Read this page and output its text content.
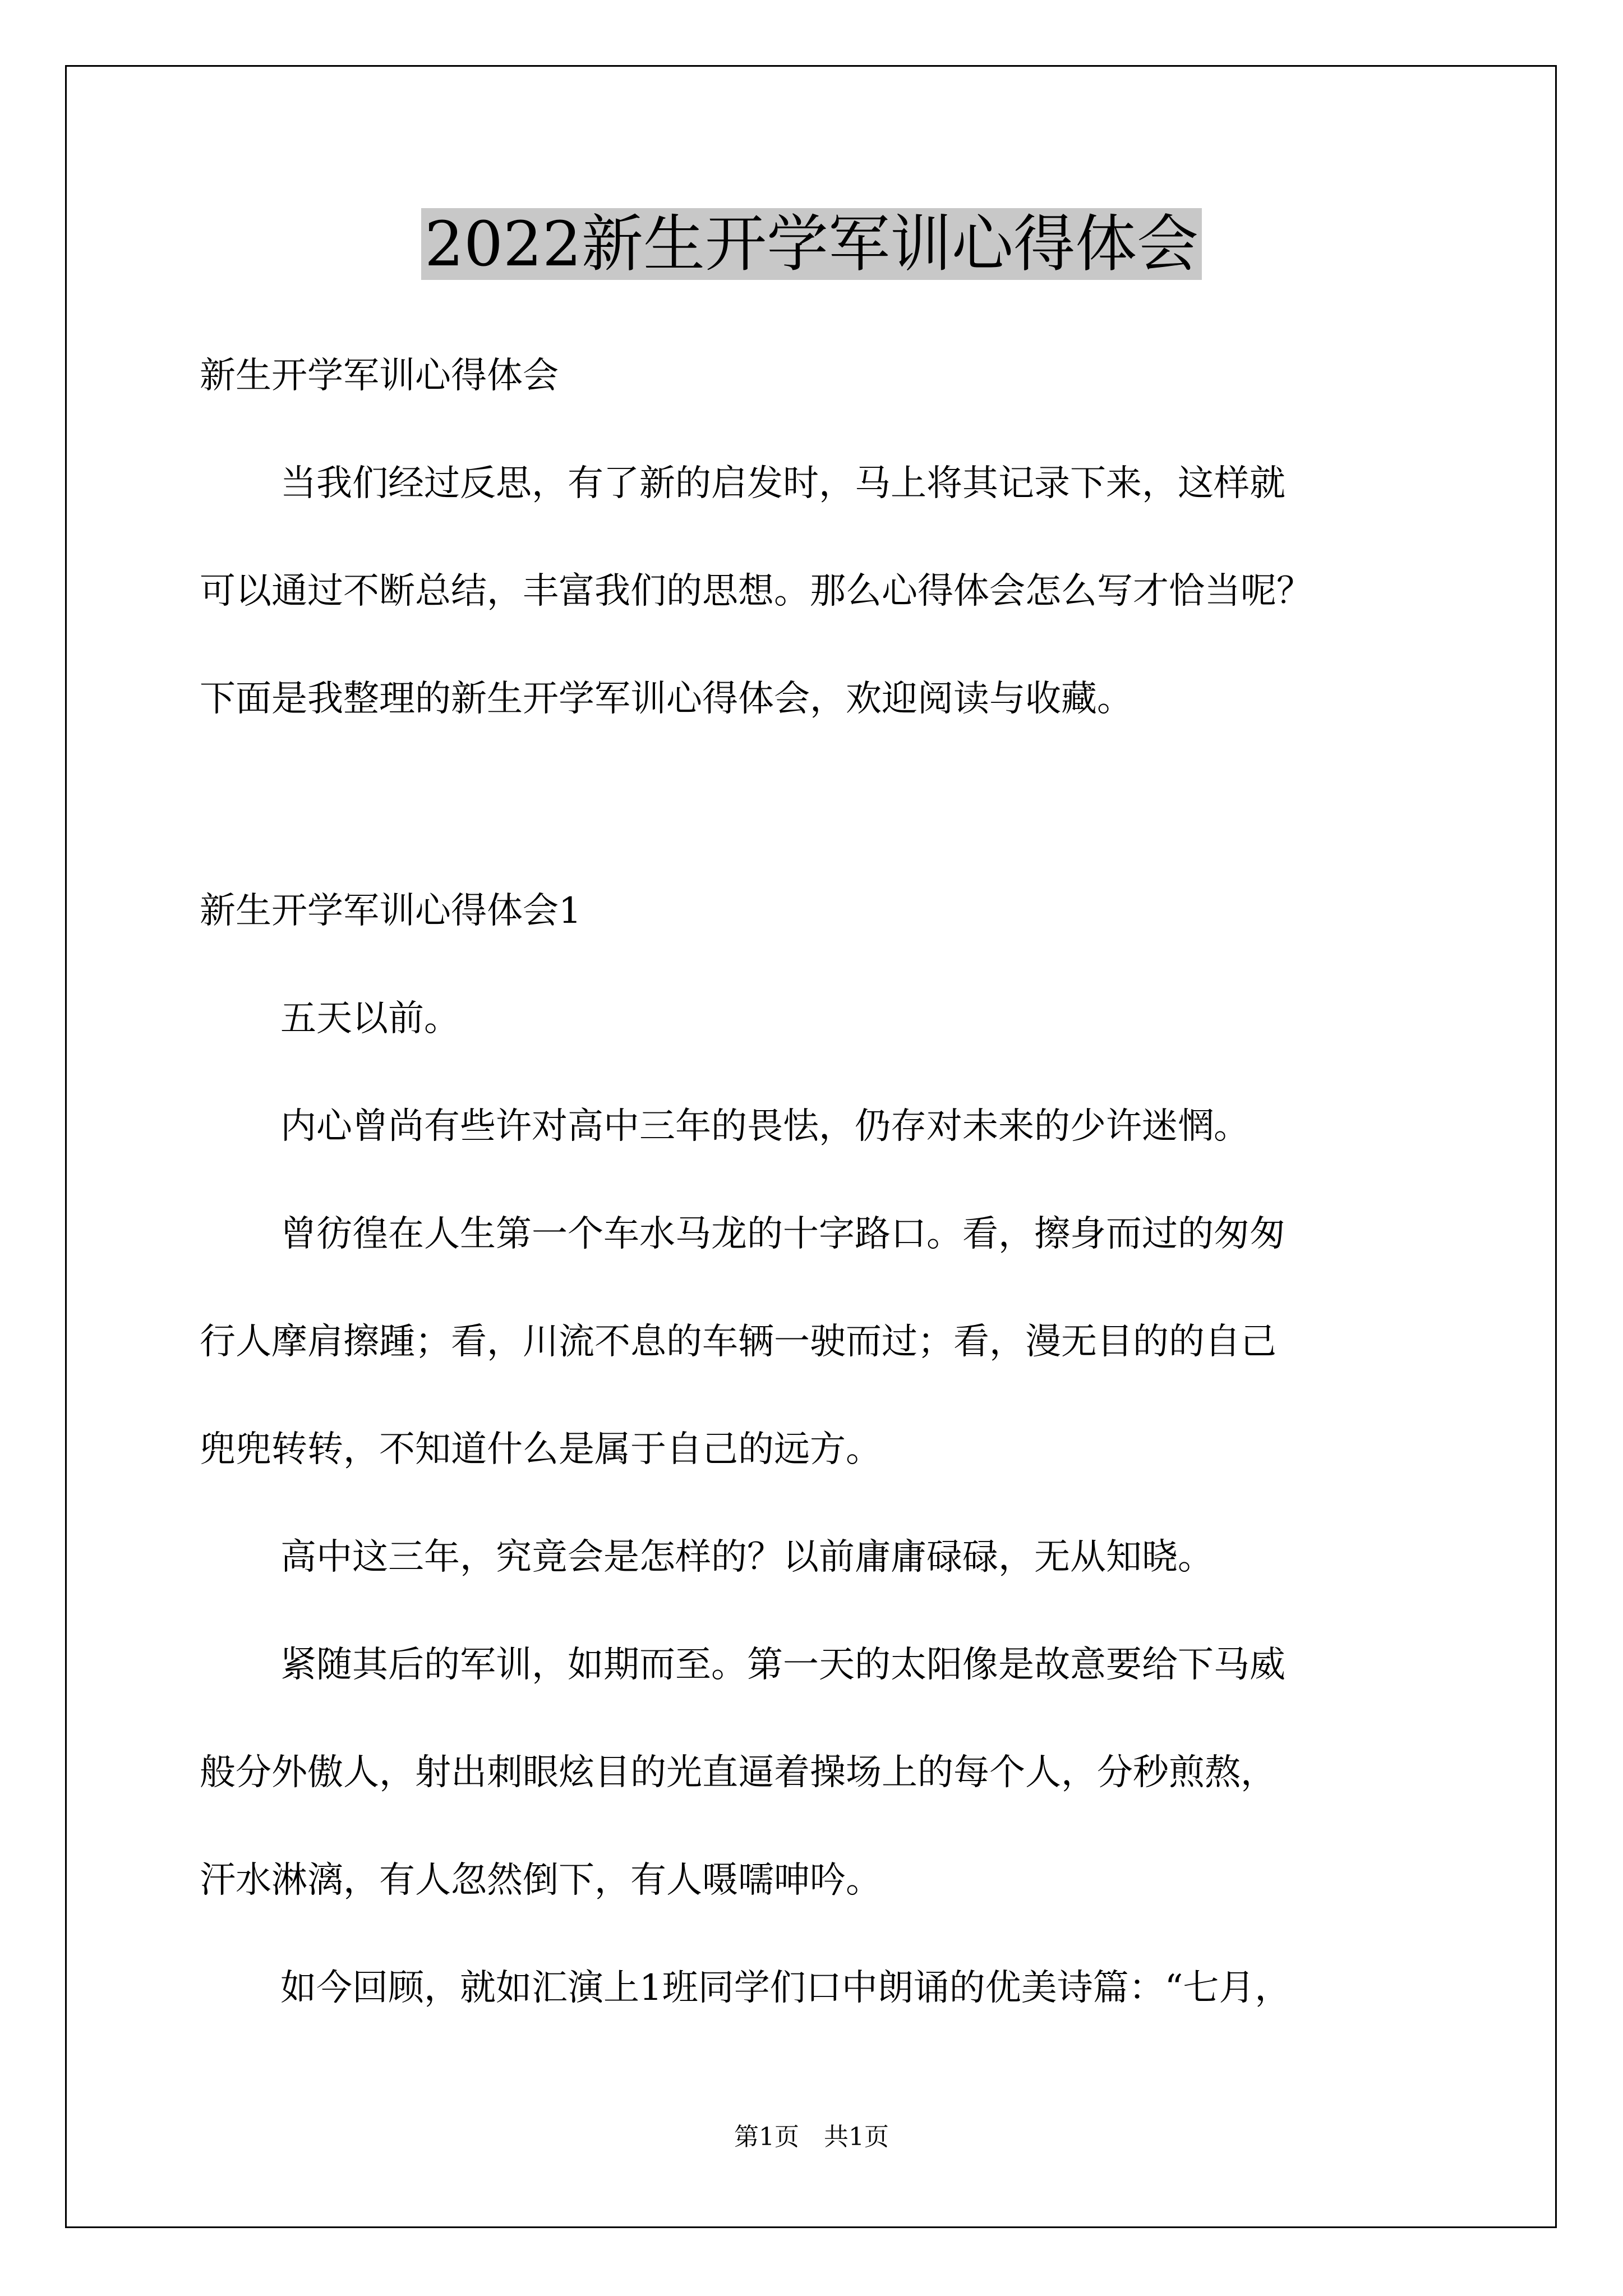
2022新生开学军训心得体会

新生开学军训心得体会

当我们经过反思，有了新的启发时，马上将其记录下来，这样就

可以通过不断总结，丰富我们的思想。那么心得体会怎么写才恰当呢？

下面是我整理的新生开学军训心得体会，欢迎阅读与收藏。

新生开学军训心得体会1

五天以前。

内心曾尚有些许对高中三年的畏怯，仍存对未来的少许迷惘。

曾彷徨在人生第一个车水马龙的十字路口。看，擦身而过的匆匆

行人摩肩擦踵；看，川流不息的车辆一驶而过；看，漫无目的的自己

兜兜转转，不知道什么是属于自己的远方。

高中这三年，究竟会是怎样的？以前庸庸碌碌，无从知晓。

紧随其后的军训，如期而至。第一天的太阳像是故意要给下马威

般分外傲人，射出刺眼炫目的光直逼着操场上的每个人，分秒煎熬，

汗水淋漓，有人忽然倒下，有人嗫嚅呻吟。

如今回顾，就如汇演上1班同学们口中朗诵的优美诗篇：“七月，

第1页　共1页
